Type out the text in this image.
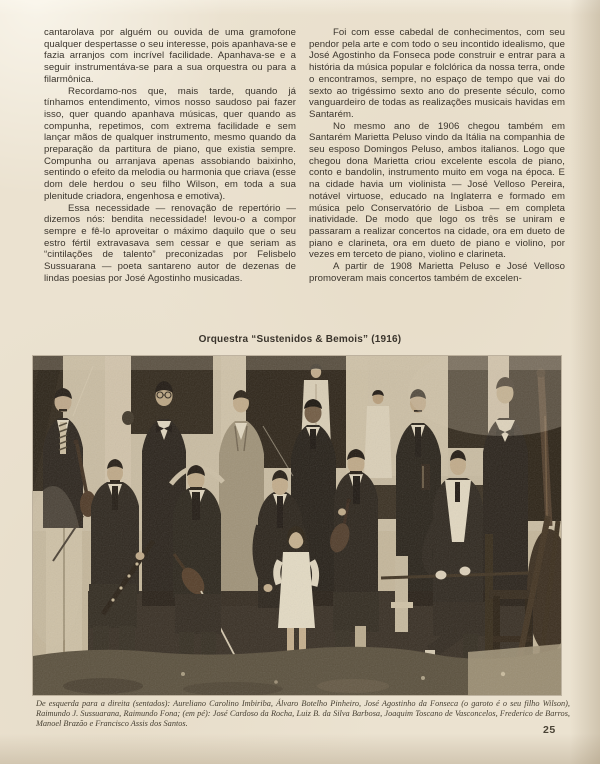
cantarolava por alguém ou ouvida de uma gramofone qualquer despertasse o seu interesse, pois apanhava-se e fazia arranjos com incrível facilidade. Apanhava-se e a seguir instrumentáva-se para a sua orquestra ou para a filarmônica.

Recordamo-nos que, mais tarde, quando já tínhamos entendimento, vimos nosso saudoso pai fazer isso, quer quando apanhava músicas, quer quando as compunha, repetimos, com extrema facilidade e sem lançar mãos de qualquer instrumento, mesmo quando da preparação da partitura de piano, que existia sempre. Compunha ou arranjava apenas assobiando baixinho, sentindo o efeito da melodia ou harmonia que criava (esse dom dele herdou o seu filho Wilson, em toda a sua plenitude criadora, engenhosa e emotiva).

Essa necessidade — renovação de repertório — dizemos nós: bendita necessidade! levou-o a compor sempre e fê-lo aproveitar o máximo daquilo que o seu estro fértil extravasava sem cessar e que seriam as “cintilações de talento” preconizadas por Felisbelo Sussuarana — poeta santareno autor de dezenas de lindas poesias por José Agostinho musicadas.

Foi com esse cabedal de conhecimentos, com seu pendor pela arte e com todo o seu incontido idealismo, que José Agostinho da Fonseca pode construir e entrar para a história da música popular e folclórica da nossa terra, onde o encontramos, sempre, no espaço de tempo que vai do sexto ao trigéssimo sexto ano do presente século, como vanguardeiro de todas as realizações musicais havidas em Santarém.

No mesmo ano de 1906 chegou também em Santarém Marietta Peluso vindo da Itália na companhia de seu esposo Domingos Peluso, ambos italianos. Logo que chegou dona Marietta criou excelente escola de piano, conto e bandolin, instrumento muito em voga na época. E na cidade havia um violinista — José Velloso Pereira, notável virtuose, educado na Inglaterra e formado em música pelo Conservatório de Lisboa — em completa inatividade. De modo que logo os três se uniram e passaram a realizar concertos na cidade, ora em dueto de piano e clarineta, ora em dueto de piano e violino, por vezes em terceto de piano, violino e clarineta.

A partir de 1908 Marietta Peluso e José Velloso promoveram mais concertos também de excelen-

Orquestra “Sustenidos & Bemois” (1916)
De esquerda para a direita (sentados): Aureliano Carolino Imbiriba, Álvaro Botelho Pinheiro, José Agostinho da Fonseca (o garoto é o seu filho Wilson), Raimundo J. Sussuarana, Raimundo Fona; (em pé): José Cardoso da Rocha, Luiz B. da Silva Barbosa, Joaquim Toscano de Vasconcelos, Frederico de Barros, Manoel Brazão e Francisco Assis dos Santos.
25
